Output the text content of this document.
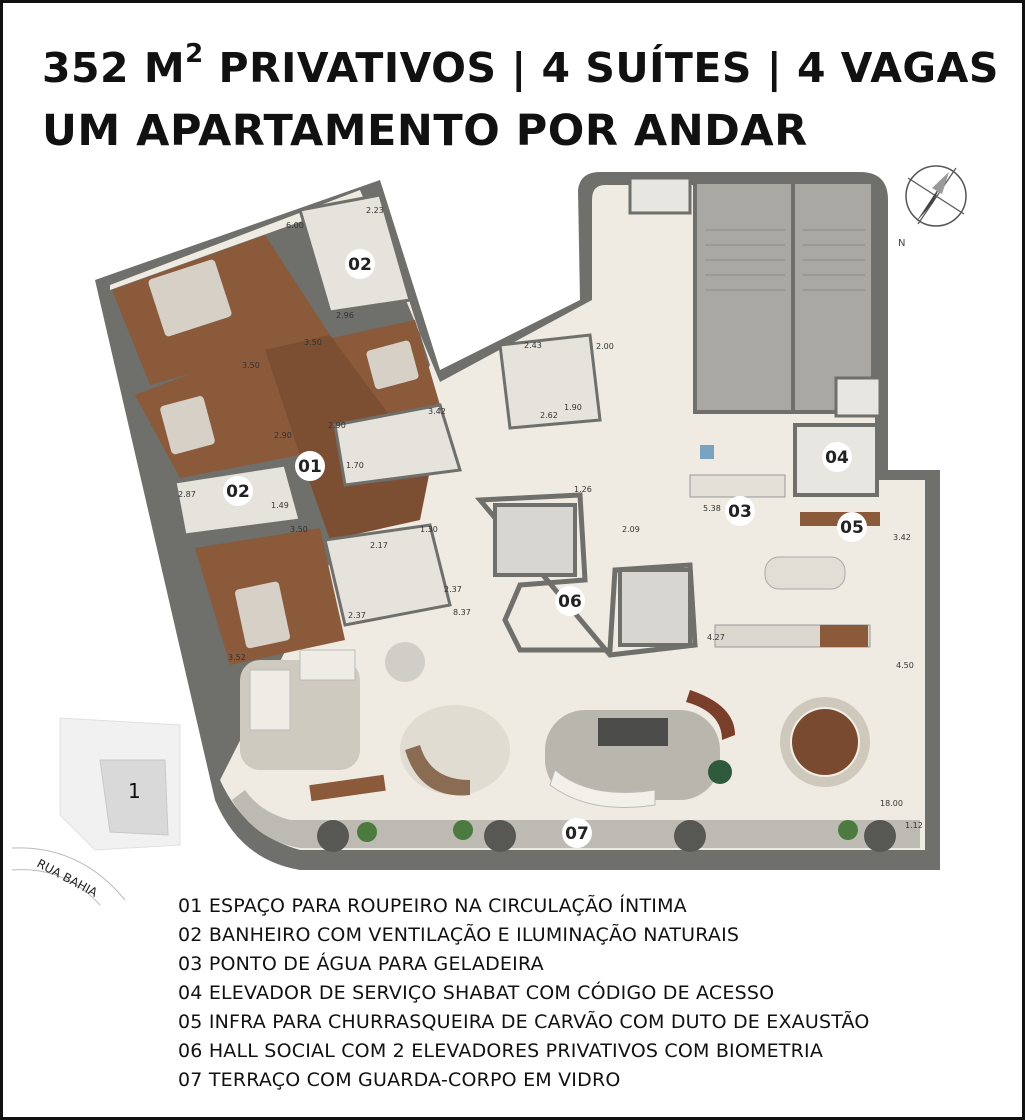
352 $M^2$ PRIVATIVOS | 4 SUÍTES | 4 VAGAS
UM APARTAMENTO POR ANDAR
1
RUA BAHIA
N
2.23
6.00
2.96
3.50
3.50
2.90
3.42
2.90
1.70
2.87
1.49
3.50
2.17
1.30
2.37
2.37	8.37
3.52
2.43	2.00
2.62
1.90
1.26
2.09
5.38
3.42
4.27
4.50
18.00
1.12
01
02
02
03
04
05
06
07
01 ESPAÇO PARA ROUPEIRO NA CIRCULAÇÃO ÍNTIMA
02 BANHEIRO COM VENTILAÇÃO E ILUMINAÇÃO NATURAIS
03 PONTO DE ÁGUA PARA GELADEIRA
04 ELEVADOR DE SERVIÇO SHABAT COM CÓDIGO DE ACESSO
05 INFRA PARA CHURRASQUEIRA DE CARVÃO COM DUTO DE EXAUSTÃO
06 HALL SOCIAL COM 2 ELEVADORES PRIVATIVOS COM BIOMETRIA
07 TERRAÇO COM GUARDA-CORPO EM VIDRO
